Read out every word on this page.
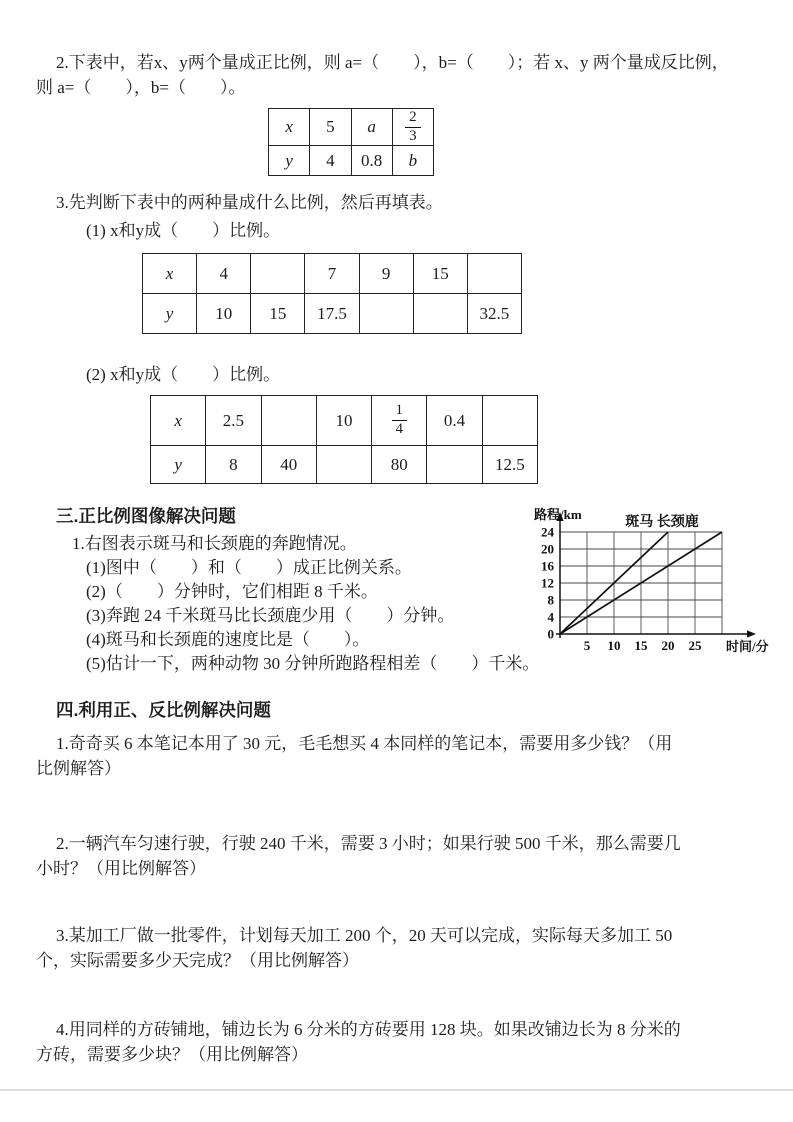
2.下表中，若x、y两个量成正比例，则 a=（　　），b=（　　）；若 x、y 两个量成反比例，
则 a=（　　），b=（　　）。
x	5	a	$\frac{2}{3}$

y	4	0.8	b
3.先判断下表中的两种量成什么比例，然后再填表。
(1) x和y成（　　）比例。
x	4		7	9	15	
y	10	15	17.5			32.5
(2) x和y成（　　）比例。
x	2.5		10	$\frac{1}{4}$	0.4	
y	8	40		80		12.5
三.正比例图像解决问题
1.右图表示斑马和长颈鹿的奔跑情况。
(1)图中（　　）和（　　）成正比例关系。
(2)（　　）分钟时，它们相距 8 千米。
(3)奔跑 24 千米斑马比长颈鹿少用（　　）分钟。
(4)斑马和长颈鹿的速度比是（　　）。
(5)估计一下，两种动物 30 分钟所跑路程相差（　　）千米。
0
4
8
12
16
20
24
5 10 15 20 25
路程/km
时间/分
斑马 长颈鹿
四.利用正、反比例解决问题
1.奇奇买 6 本笔记本用了 30 元，毛毛想买 4 本同样的笔记本，需要用多少钱？（用
比例解答）
2.一辆汽车匀速行驶，行驶 240 千米，需要 3 小时；如果行驶 500 千米，那么需要几
小时？（用比例解答）
3.某加工厂做一批零件，计划每天加工 200 个，20 天可以完成，实际每天多加工 50
个，实际需要多少天完成？（用比例解答）
4.用同样的方砖铺地，铺边长为 6 分米的方砖要用 128 块。如果改铺边长为 8 分米的
方砖，需要多少块？（用比例解答）
